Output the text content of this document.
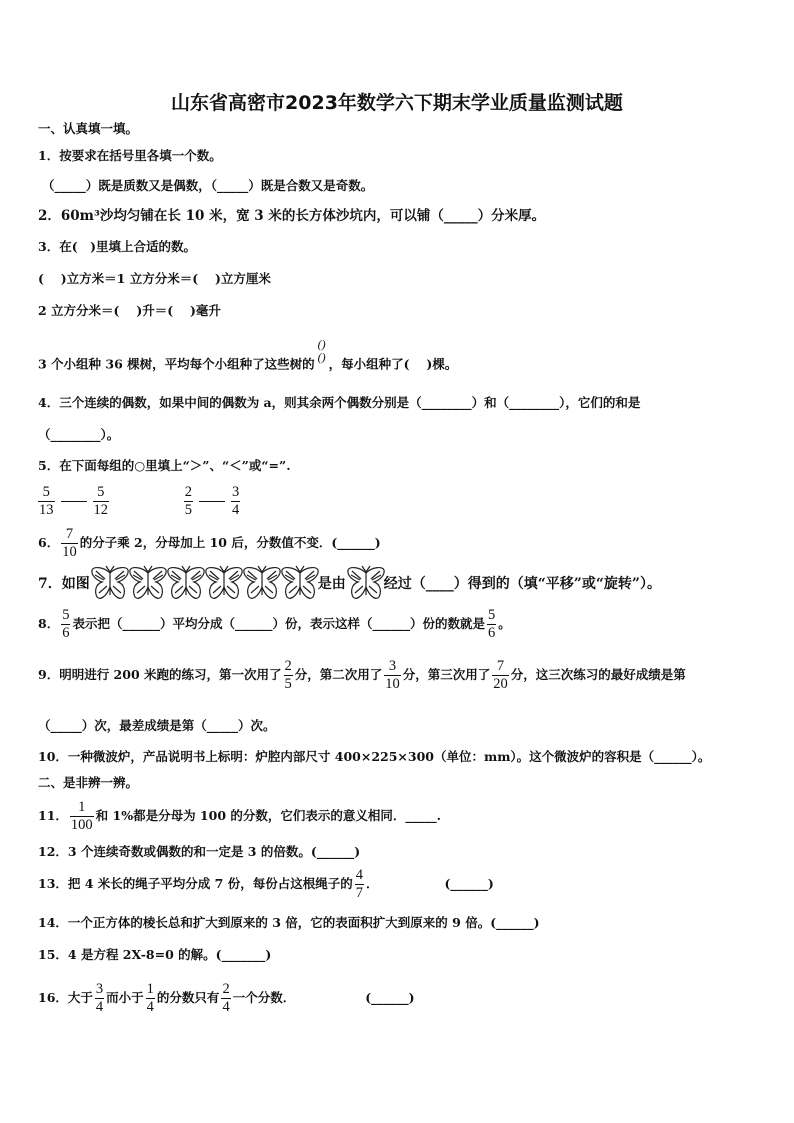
山东省高密市2023年数学六下期末学业质量监测试题
一、认真填一填。
1．按要求在括号里各填一个数。
（_____）既是质数又是偶数，（_____）既是合数又是奇数。
2．60m³沙均匀铺在长 10 米，宽 3 米的长方体沙坑内，可以铺（_____）分米厚。
3．在(　)里填上合适的数。
(　 )立方米＝1 立方分米＝(　 )立方厘米
2 立方分米＝(　 )升＝(　 )毫升
3 个小组种 36 棵树，平均每个小组种了这些树的
()
() ，每小组种了(　 )棵。
4．三个连续的偶数，如果中间的偶数为 a，则其余两个偶数分别是（________）和（________），它们的和是
（________）。
5．在下面每组的○里填上“＞”、“＜”或“=”.
$\frac{5}{13}$	$\frac{5}{12}$
	$\frac{2}{5}$	$\frac{3}{4}$
6． $\frac{7}{10}$ 的分子乘 2，分母加上 10 后，分数值不变．(______)
7．如图	是由	经过（____）得到的（填“平移”或“旋转”）。
8． $\frac{5}{6}$ 表示把（______）平均分成（______）份，表示这样（______）份的数就是 $\frac{5}{6}$ 。
9．明明进行 200 米跑的练习，第一次用了 $\frac{2}{5}$ 分，第二次用了 $\frac{3}{10}$ 分，第三次用了 $\frac{7}{20}$ 分，这三次练习的最好成绩是第
（_____）次，最差成绩是第（_____）次。
10．一种微波炉，产品说明书上标明：炉腔内部尺寸 400×225×300（单位：mm）。这个微波炉的容积是（______）。
二、是非辨一辨。
11． $\frac{1}{100}$ 和 1%都是分母为 100 的分数，它们表示的意义相同．_____.
12．3 个连续奇数或偶数的和一定是 3 的倍数。(______)
13．把 4 米长的绳子平均分成 7 份，每份占这根绳子的 $\frac{4}{7}$ ．	(______)
14．一个正方体的棱长总和扩大到原来的 3 倍，它的表面积扩大到原来的 9 倍。(______)
15．4 是方程 2X-8=0 的解。(_______)
16．大于 $\frac{3}{4}$ 而小于 $\frac{1}{4}$ 的分数只有 $\frac{2}{4}$ 一个分数．	(______)
